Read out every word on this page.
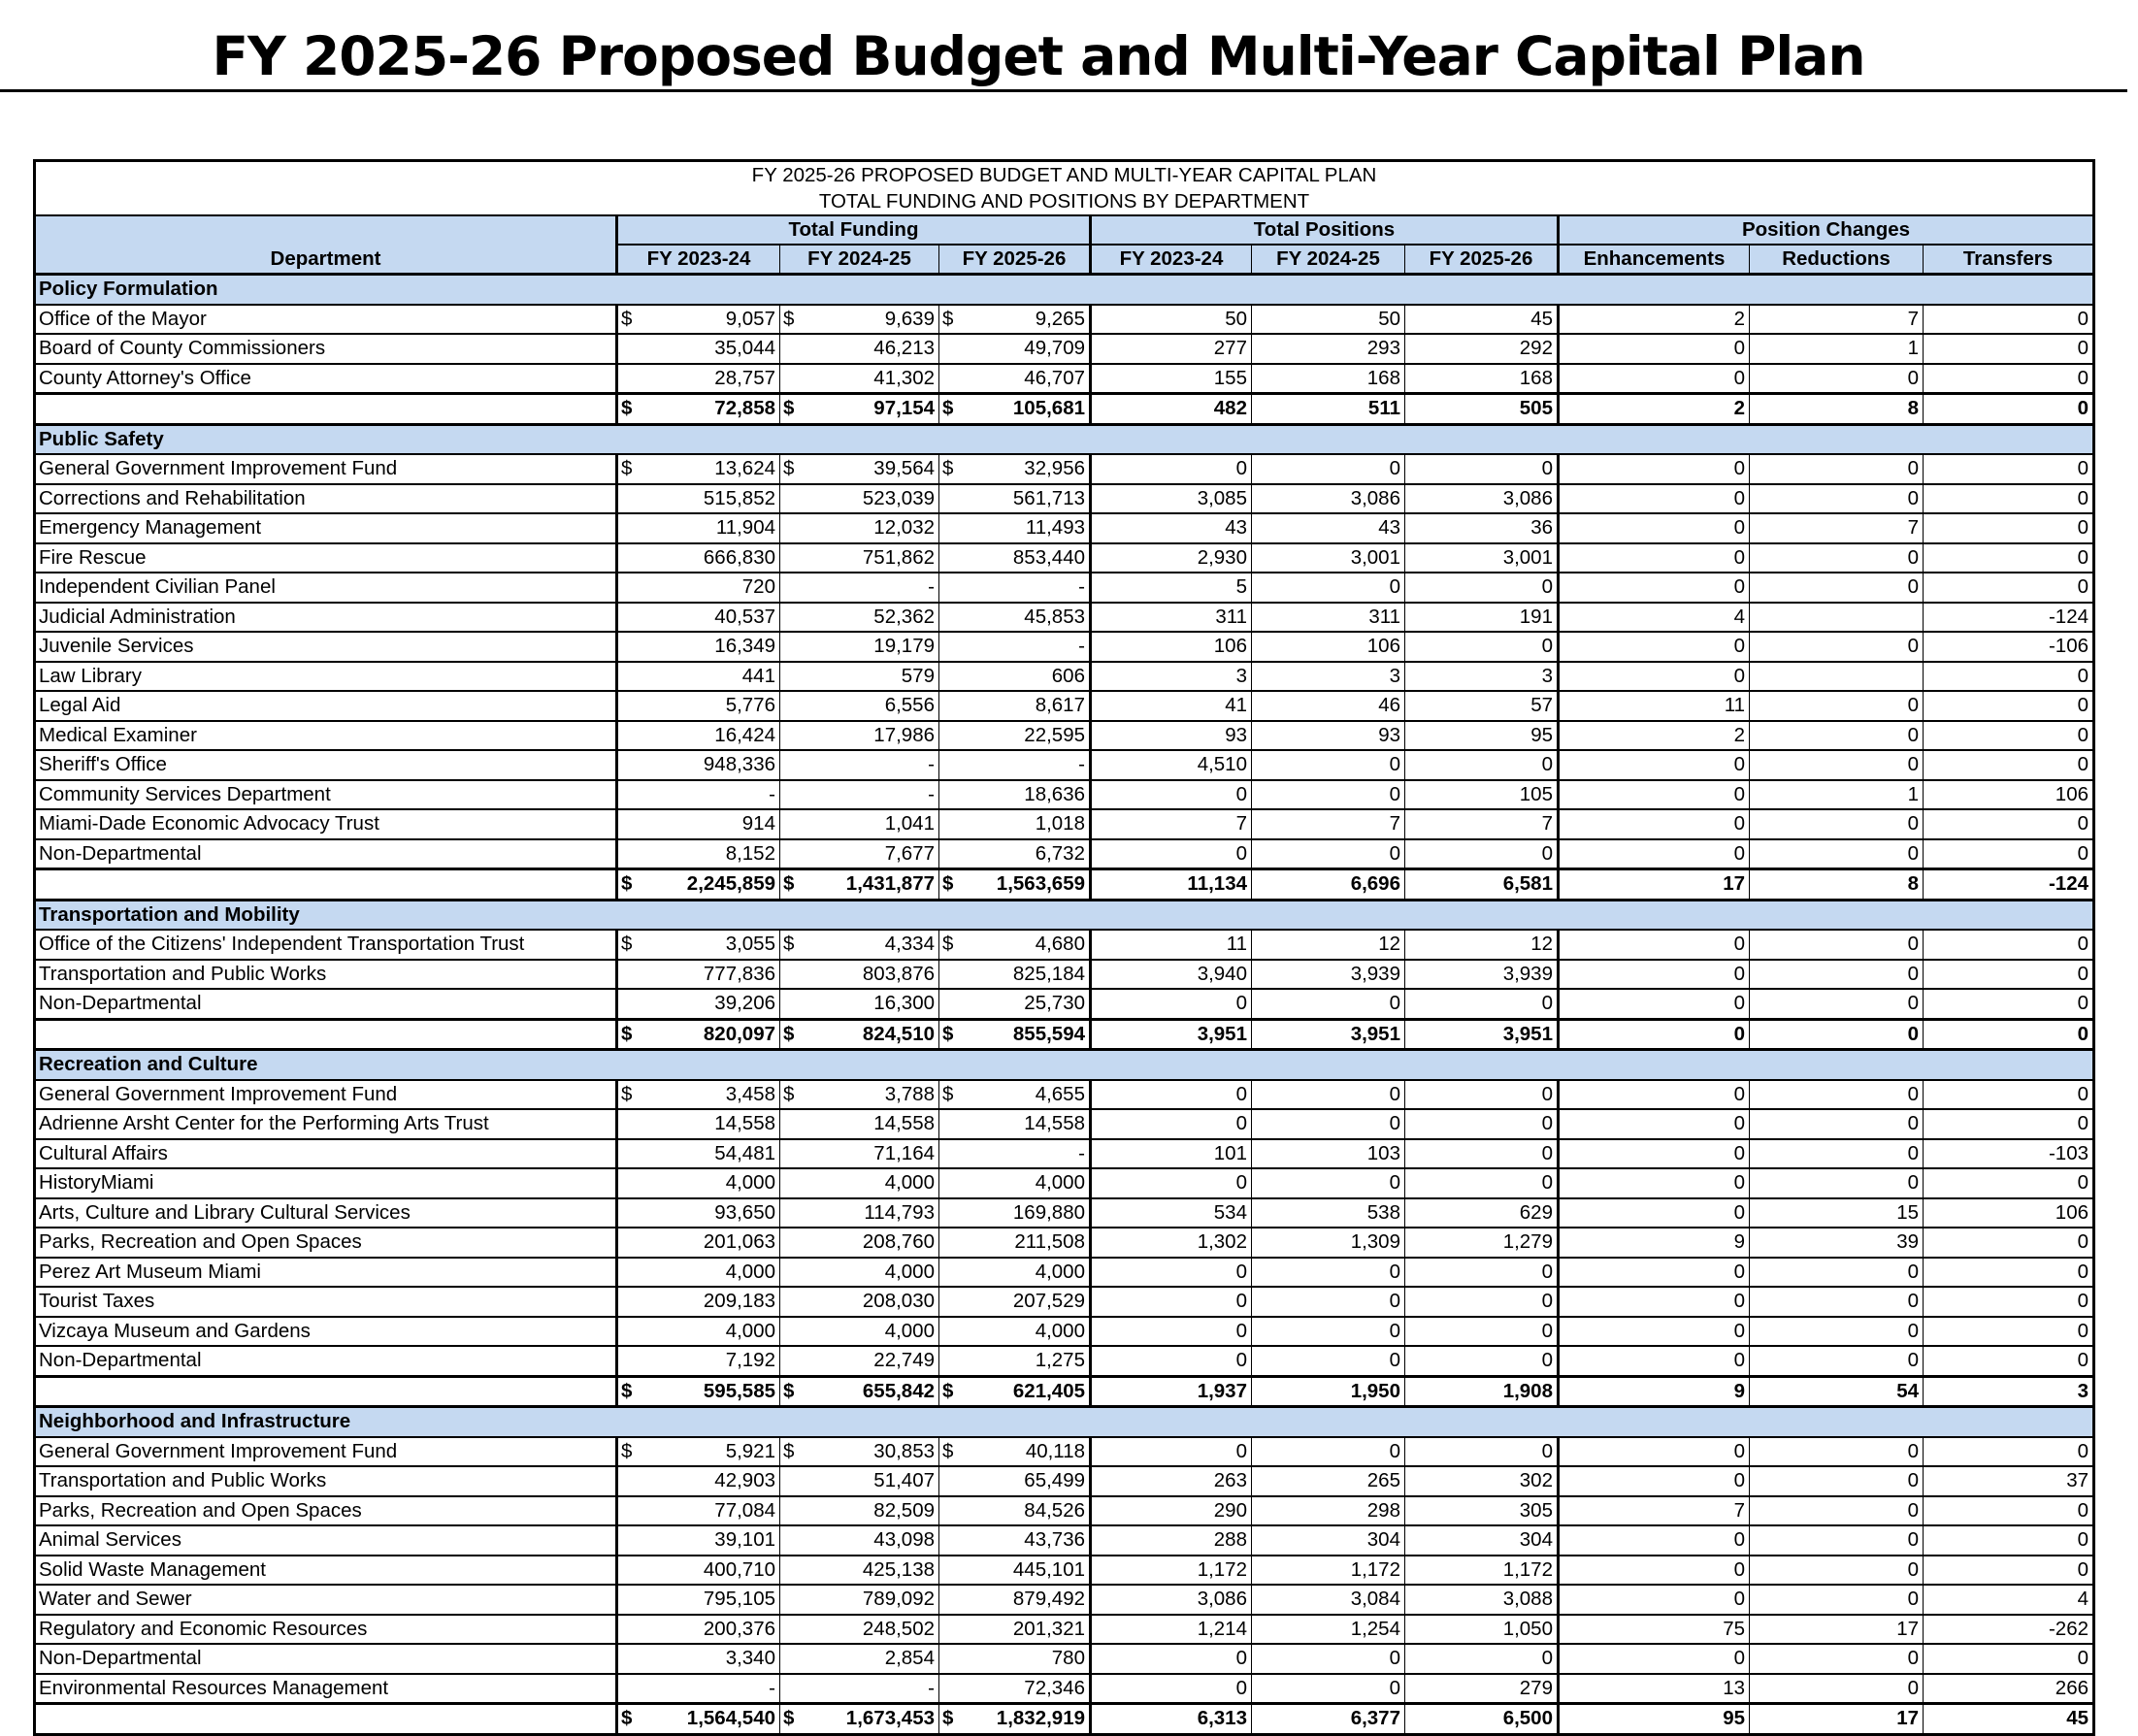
FY 2025-26 Proposed Budget and Multi-Year Capital Plan
FY 2025-26 PROPOSED BUDGET AND MULTI-YEAR CAPITAL PLAN									
TOTAL FUNDING AND POSITIONS BY DEPARTMENT									
	Total Funding			Total Positions			Position Changes		
Department	FY 2023-24	FY 2024-25	FY 2025-26	FY 2023-24	FY 2024-25	FY 2025-26	Enhancements	Reductions	Transfers
Policy Formulation									
Office of the Mayor	$ 9,057	$ 9,639	$ 9,265	50	50	45	2	7	0
Board of County Commissioners	35,044	46,213	49,709	277	293	292	0	1	0
County Attorney's Office	28,757	41,302	46,707	155	168	168	0	0	0

	$ 72,858	$ 97,154	$ 105,681	482	511	505	2	8	0
Public Safety									
General Government Improvement Fund	$ 13,624	$ 39,564	$ 32,956	0	0	0	0	0	0
Corrections and Rehabilitation	515,852	523,039	561,713	3,085	3,086	3,086	0	0	0
Emergency Management	11,904	12,032	11,493	43	43	36	0	7	0
Fire Rescue	666,830	751,862	853,440	2,930	3,001	3,001	0	0	0
Independent Civilian Panel	720	-	-	5	0	0	0	0	0
Judicial Administration	40,537	52,362	45,853	311	311	191	4		-124
Juvenile Services	16,349	19,179	-	106	106	0	0	0	-106
Law Library	441	579	606	3	3	3	0		0
Legal Aid	5,776	6,556	8,617	41	46	57	11	0	0
Medical Examiner	16,424	17,986	22,595	93	93	95	2	0	0
Sheriff's Office	948,336	-	-	4,510	0	0	0	0	0
Community Services Department	-	-	18,636	0	0	105	0	1	106
Miami-Dade Economic Advocacy Trust	914	1,041	1,018	7	7	7	0	0	0
Non-Departmental	8,152	7,677	6,732	0	0	0	0	0	0

	$ 2,245,859	$ 1,431,877	$ 1,563,659	11,134	6,696	6,581	17	8	-124
Transportation and Mobility									
Office of the Citizens' Independent Transportation Trust	$ 3,055	$ 4,334	$ 4,680	11	12	12	0	0	0
Transportation and Public Works	777,836	803,876	825,184	3,940	3,939	3,939	0	0	0
Non-Departmental	39,206	16,300	25,730	0	0	0	0	0	0

	$ 820,097	$ 824,510	$ 855,594	3,951	3,951	3,951	0	0	0
Recreation and Culture									
General Government Improvement Fund	$ 3,458	$ 3,788	$ 4,655	0	0	0	0	0	0
Adrienne Arsht Center for the Performing Arts Trust	14,558	14,558	14,558	0	0	0	0	0	0
Cultural Affairs	54,481	71,164	-	101	103	0	0	0	-103
HistoryMiami	4,000	4,000	4,000	0	0	0	0	0	0
Arts, Culture and Library Cultural Services	93,650	114,793	169,880	534	538	629	0	15	106
Parks, Recreation and Open Spaces	201,063	208,760	211,508	1,302	1,309	1,279	9	39	0
Perez Art Museum Miami	4,000	4,000	4,000	0	0	0	0	0	0
Tourist Taxes	209,183	208,030	207,529	0	0	0	0	0	0
Vizcaya Museum and Gardens	4,000	4,000	4,000	0	0	0	0	0	0
Non-Departmental	7,192	22,749	1,275	0	0	0	0	0	0

	$ 595,585	$ 655,842	$ 621,405	1,937	1,950	1,908	9	54	3
Neighborhood and Infrastructure									
General Government Improvement Fund	$ 5,921	$ 30,853	$ 40,118	0	0	0	0	0	0
Transportation and Public Works	42,903	51,407	65,499	263	265	302	0	0	37
Parks, Recreation and Open Spaces	77,084	82,509	84,526	290	298	305	7	0	0
Animal Services	39,101	43,098	43,736	288	304	304	0	0	0
Solid Waste Management	400,710	425,138	445,101	1,172	1,172	1,172	0	0	0
Water and Sewer	795,105	789,092	879,492	3,086	3,084	3,088	0	0	4
Regulatory and Economic Resources	200,376	248,502	201,321	1,214	1,254	1,050	75	17	-262
Non-Departmental	3,340	2,854	780	0	0	0	0	0	0
Environmental Resources Management	-	-	72,346	0	0	279	13	0	266

	$ 1,564,540	$ 1,673,453	$ 1,832,919	6,313	6,377	6,500	95	17	45
